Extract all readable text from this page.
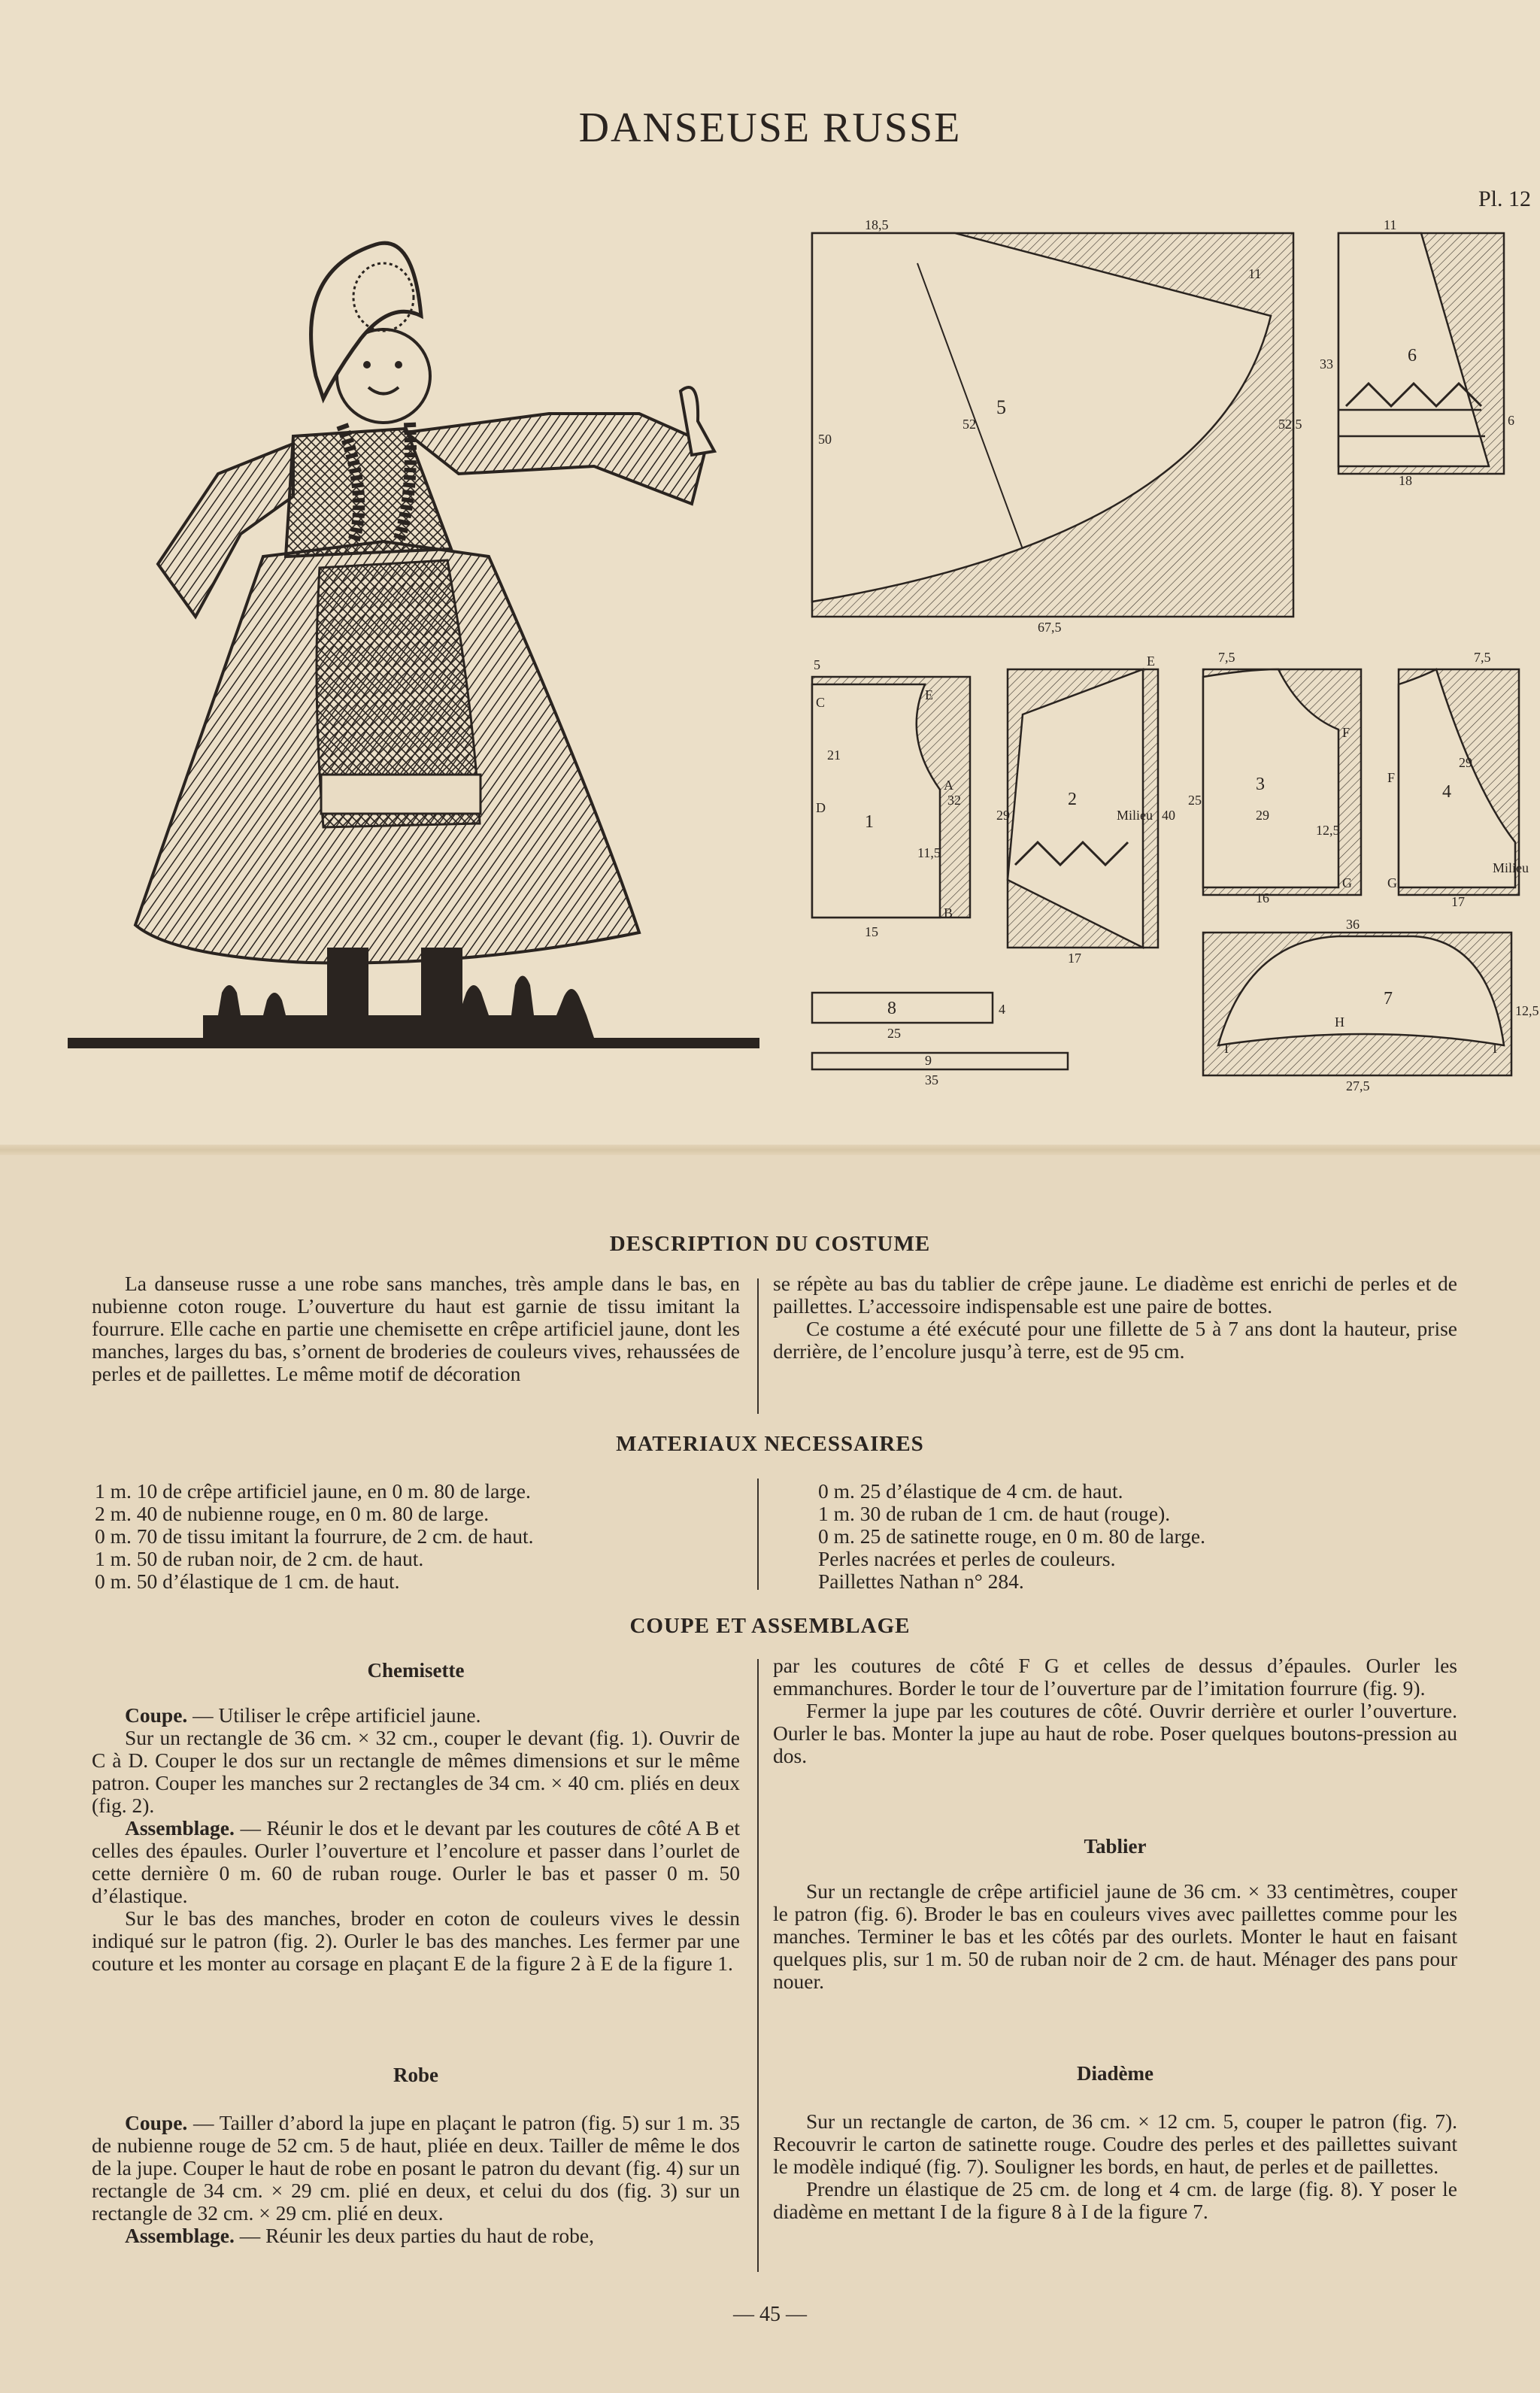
DANSEUSE RUSSE
Pl. 12
5
18,5
11
50
52	52,5
67,5
6
11
33
6
18
1
5
32
15
C
D
E
A
B
11,5
21
2
40
17
Milieu
E
29
3
7,5
25
16
F
G
12,5
29
4
7,5
17
F
G
Milieu
29
7
36
27,5
12,5
H
I	I
8
25
4
9
35
DESCRIPTION DU COSTUME

La danseuse russe a une robe sans manches, très ample dans le bas, en nubienne coton rouge. L’ouverture du haut est garnie de tissu imitant la fourrure. Elle cache en partie une chemisette en crêpe artificiel jaune, dont les manches, larges du bas, s’ornent de broderies de couleurs vives, rehaussées de perles et de paillettes. Le même motif de décoration

se répète au bas du tablier de crêpe jaune. Le diadème est enrichi de perles et de paillettes. L’accessoire indispensable est une paire de bottes.

Ce costume a été exécuté pour une fillette de 5 à 7 ans dont la hauteur, prise derrière, de l’encolure jusqu’à terre, est de 95 cm.

MATERIAUX NECESSAIRES
1 m. 10 de crêpe artificiel jaune, en 0 m. 80 de large.
2 m. 40 de nubienne rouge, en 0 m. 80 de large.
0 m. 70 de tissu imitant la fourrure, de 2 cm. de haut.
1 m. 50 de ruban noir, de 2 cm. de haut.
0 m. 50 d’élastique de 1 cm. de haut.
0 m. 25 d’élastique de 4 cm. de haut.
1 m. 30 de ruban de 1 cm. de haut (rouge).
0 m. 25 de satinette rouge, en 0 m. 80 de large.
Perles nacrées et perles de couleurs.
Paillettes Nathan n° 284.
COUPE ET ASSEMBLAGE
Chemisette

Coupe. — Utiliser le crêpe artificiel jaune.

Sur un rectangle de 36 cm. × 32 cm., couper le devant (fig. 1). Ouvrir de C à D. Couper le dos sur un rectangle de mêmes dimensions et sur le même patron. Couper les manches sur 2 rectangles de 34 cm. × 40 cm. pliés en deux (fig. 2).

Assemblage. — Réunir le dos et le devant par les coutures de côté A B et celles des épaules. Ourler l’ouverture et l’encolure et passer dans l’ourlet de cette dernière 0 m. 60 de ruban rouge. Ourler le bas et passer 0 m. 50 d’élastique.

Sur le bas des manches, broder en coton de couleurs vives le dessin indiqué sur le patron (fig. 2). Ourler le bas des manches. Les fermer par une couture et les monter au corsage en plaçant E de la figure 2 à E de la figure 1.

Robe

Coupe. — Tailler d’abord la jupe en plaçant le patron (fig. 5) sur 1 m. 35 de nubienne rouge de 52 cm. 5 de haut, pliée en deux. Tailler de même le dos de la jupe. Couper le haut de robe en posant le patron du devant (fig. 4) sur un rectangle de 34 cm. × 29 cm. plié en deux, et celui du dos (fig. 3) sur un rectangle de 32 cm. × 29 cm. plié en deux.

Assemblage. — Réunir les deux parties du haut de robe,

par les coutures de côté F G et celles de dessus d’épaules. Ourler les emmanchures. Border le tour de l’ouverture par de l’imitation fourrure (fig. 9).

Fermer la jupe par les coutures de côté. Ouvrir derrière et ourler l’ouverture. Ourler le bas. Monter la jupe au haut de robe. Poser quelques boutons-pression au dos.

Tablier

Sur un rectangle de crêpe artificiel jaune de 36 cm. × 33 centimètres, couper le patron (fig. 6). Broder le bas en couleurs vives avec paillettes comme pour les manches. Terminer le bas et les côtés par des ourlets. Monter le haut en faisant quelques plis, sur 1 m. 50 de ruban noir de 2 cm. de haut. Ménager des pans pour nouer.

Diadème

Sur un rectangle de carton, de 36 cm. × 12 cm. 5, couper le patron (fig. 7). Recouvrir le carton de satinette rouge. Coudre des perles et des paillettes suivant le modèle indiqué (fig. 7). Souligner les bords, en haut, de perles et de paillettes.

Prendre un élastique de 25 cm. de long et 4 cm. de large (fig. 8). Y poser le diadème en mettant I de la figure 8 à I de la figure 7.

— 45 —
